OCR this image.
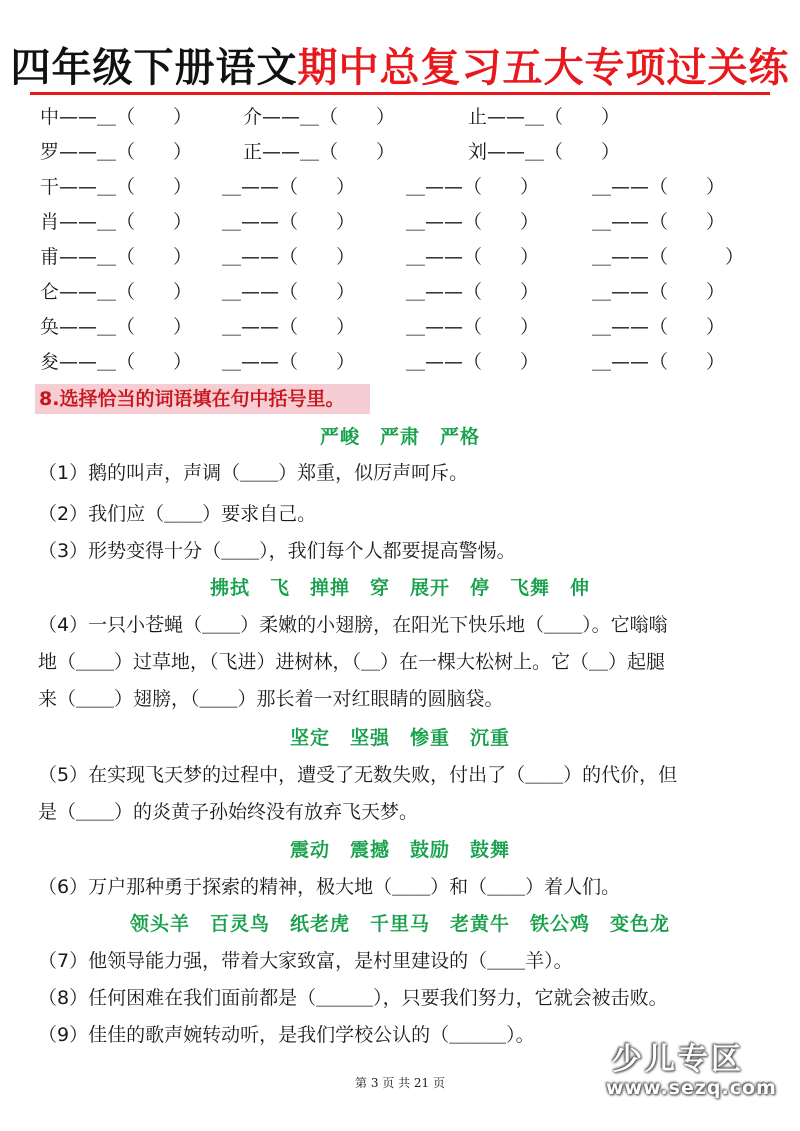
四年级下册语文期中总复习五大专项过关练
中——＿（　　）	介——＿（　　）	止——＿（　　）
罗——＿（　　）	正——＿（　　）	刘——＿（　　）
干——＿（　　） ＿——（　　）	＿——（　　）	＿——（　　）
肖——＿（　　） ＿——（　　）	＿——（　　）	＿——（　　）
甫——＿（　　） ＿——（　　）	＿——（　　）	＿——（　　　）
仑——＿（　　） ＿——（　　）	＿——（　　）	＿——（　　）
奂——＿（　　） ＿——（　　）	＿——（　　）	＿——（　　）
夋——＿（　　） ＿——（　　）	＿——（　　）	＿——（　　）
8.选择恰当的词语填在句中括号里。
严峻　严肃　严格
（1）鹅的叫声，声调（＿＿）郑重，似厉声呵斥。
（2）我们应（＿＿）要求自己。
（3）形势变得十分（＿＿），我们每个人都要提高警惕。
拂拭　飞　掸掸　穿　展开　停　飞舞　伸
（4）一只小苍蝇（＿＿）柔嫩的小翅膀，在阳光下快乐地（＿＿）。它嗡嗡
地（＿＿）过草地，（飞进）进树林，（＿）在一棵大松树上。它（＿）起腿
来（＿＿）翅膀，（＿＿）那长着一对红眼睛的圆脑袋。
坚定　坚强　惨重　沉重
（5）在实现飞天梦的过程中，遭受了无数失败，付出了（＿＿）的代价，但
是（＿＿）的炎黄子孙始终没有放弃飞天梦。
震动　震撼　鼓励　鼓舞
（6）万户那种勇于探索的精神，极大地（＿＿）和（＿＿）着人们。
领头羊　百灵鸟　纸老虎　千里马　老黄牛　铁公鸡　变色龙
（7）他领导能力强，带着大家致富，是村里建设的（＿＿羊）。
（8）任何困难在我们面前都是（＿＿＿），只要我们努力，它就会被击败。
（9）佳佳的歌声婉转动听，是我们学校公认的（＿＿＿）。
第 3 页 共 21 页
少儿专区
www.sezq.com
